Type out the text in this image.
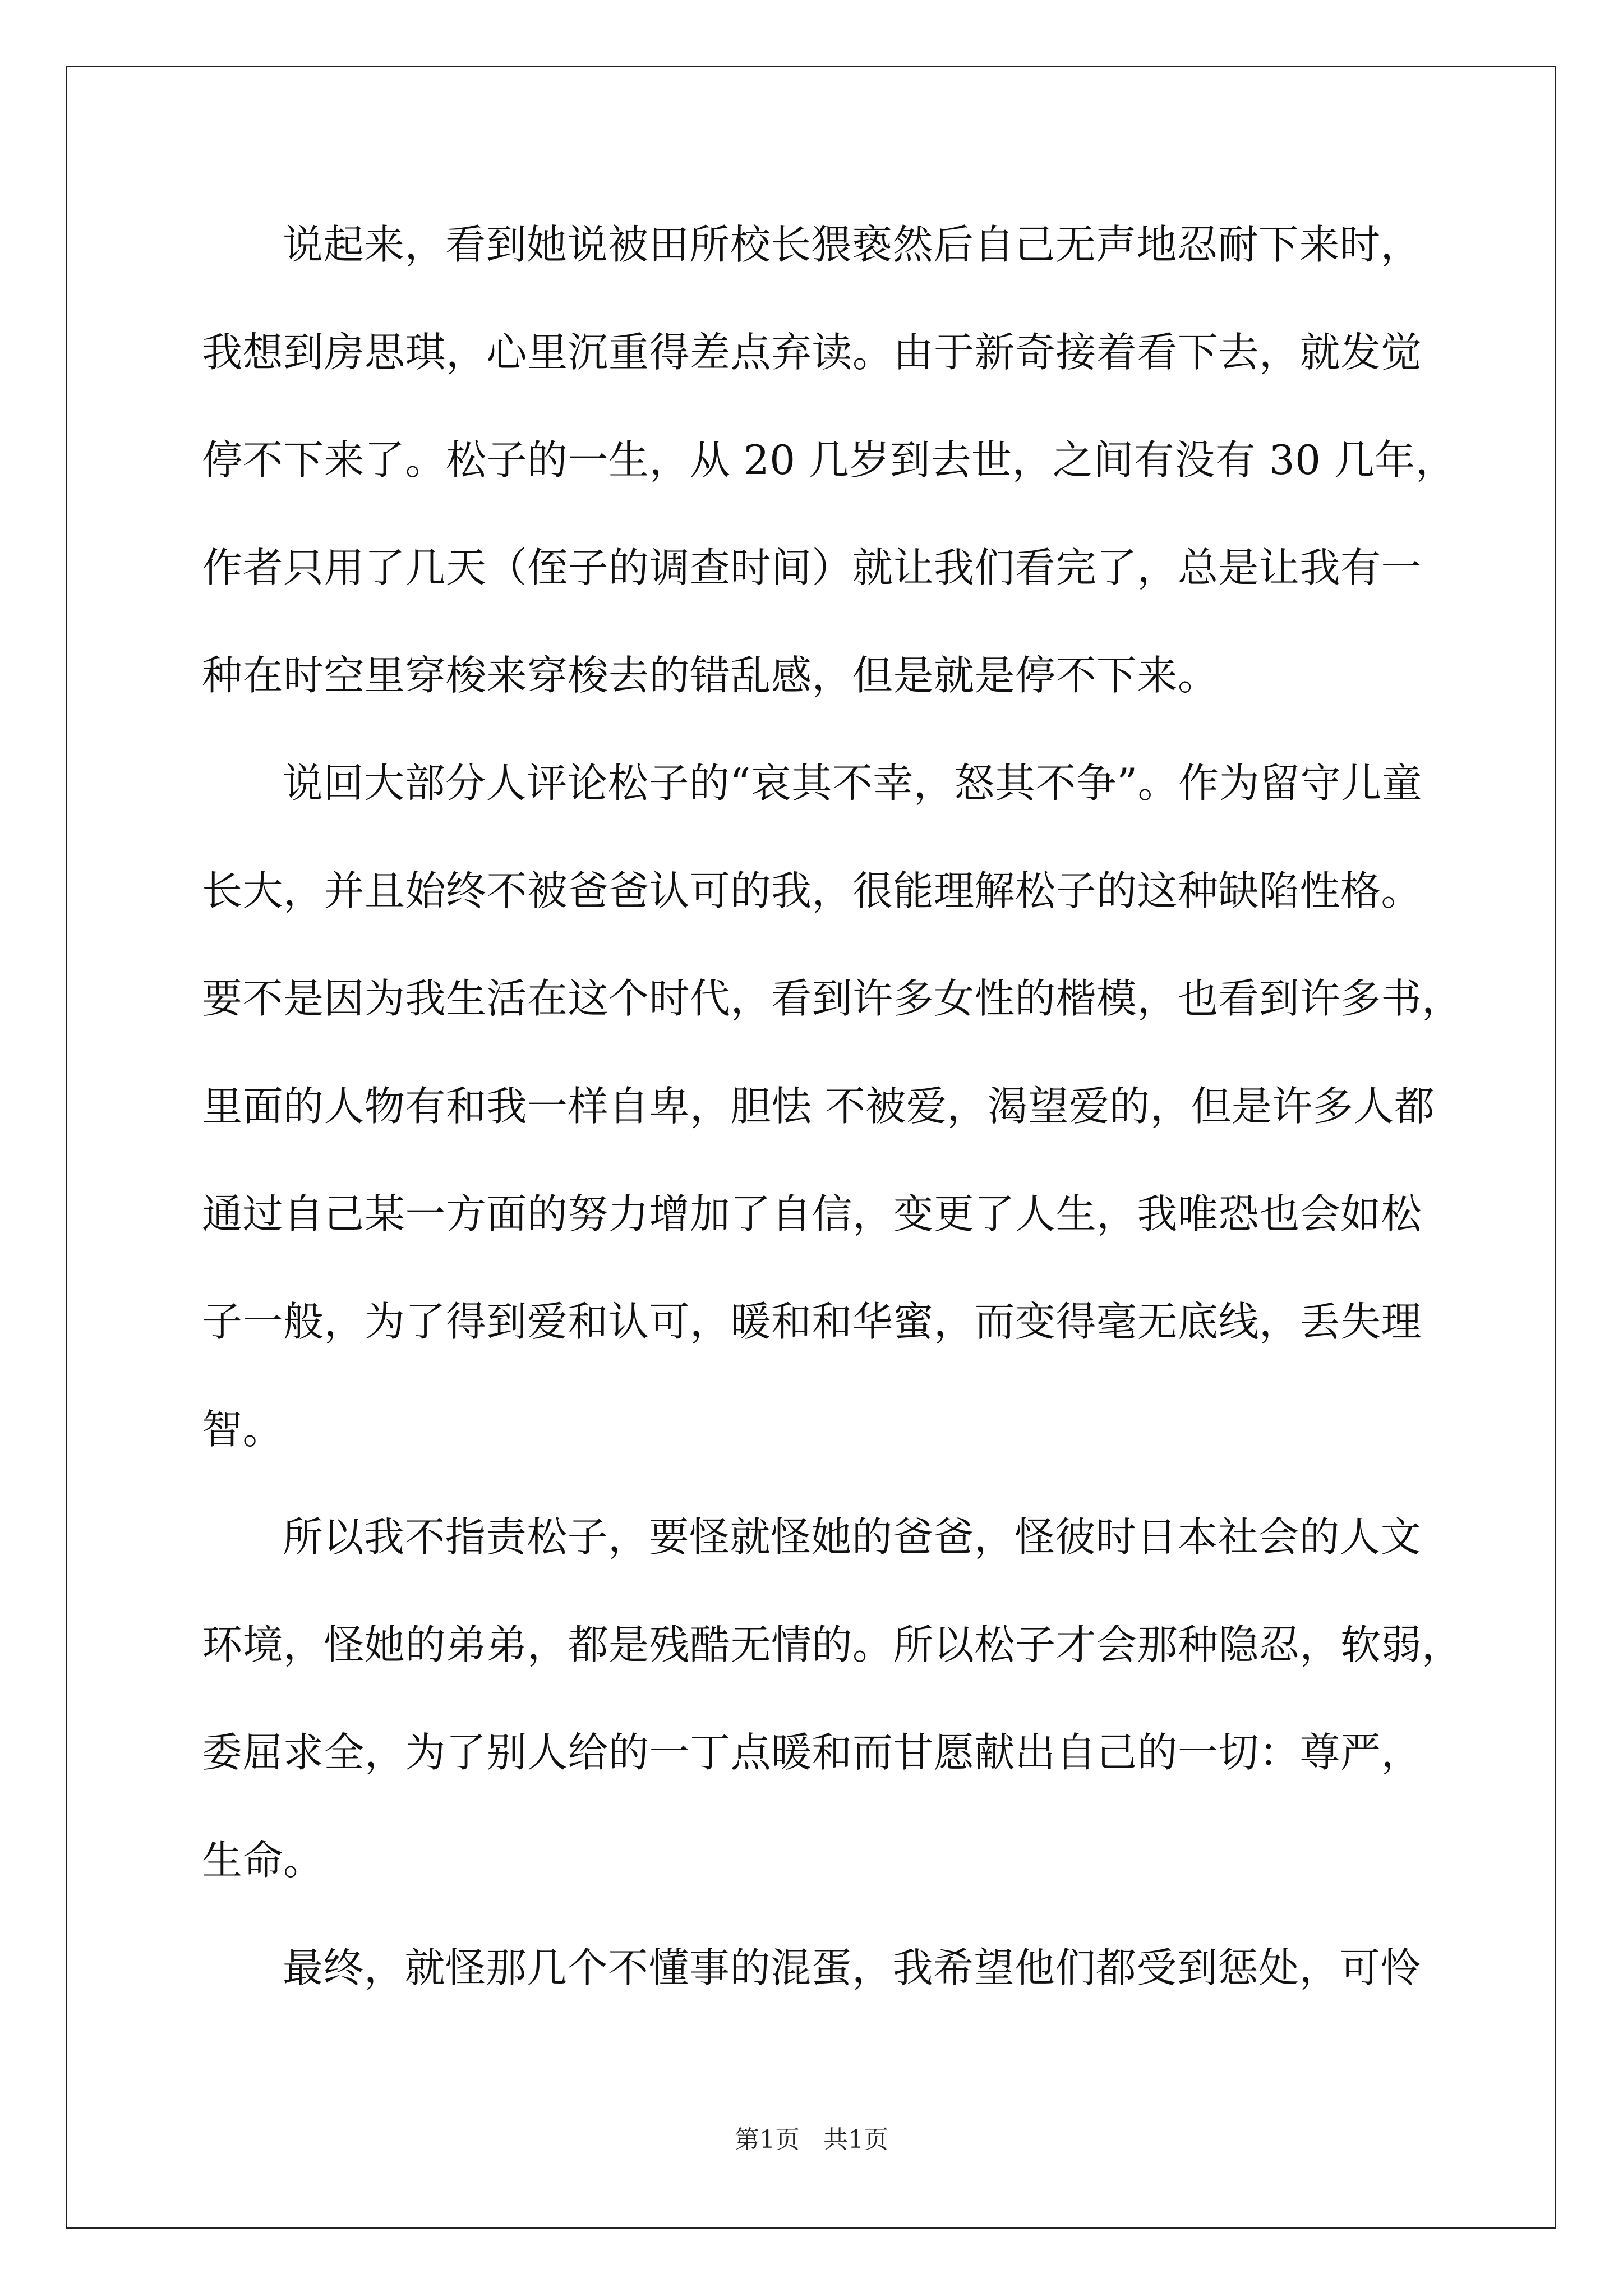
说起来，看到她说被田所校长猥亵然后自己无声地忍耐下来时，
我想到房思琪，心里沉重得差点弃读。由于新奇接着看下去，就发觉
停不下来了。松子的一生，从 20 几岁到去世，之间有没有 30 几年，
作者只用了几天（侄子的调查时间）就让我们看完了，总是让我有一
种在时空里穿梭来穿梭去的错乱感，但是就是停不下来。
说回大部分人评论松子的“哀其不幸，怒其不争”。作为留守儿童
长大，并且始终不被爸爸认可的我，很能理解松子的这种缺陷性格。
要不是因为我生活在这个时代，看到许多女性的楷模，也看到许多书，
里面的人物有和我一样自卑，胆怯 不被爱，渴望爱的，但是许多人都
通过自己某一方面的努力增加了自信，变更了人生，我唯恐也会如松
子一般，为了得到爱和认可，暖和和华蜜，而变得毫无底线，丢失理
智。
所以我不指责松子，要怪就怪她的爸爸，怪彼时日本社会的人文
环境，怪她的弟弟，都是残酷无情的。所以松子才会那种隐忍，软弱，
委屈求全，为了别人给的一丁点暖和而甘愿献出自己的一切：尊严，
生命。
最终，就怪那几个不懂事的混蛋，我希望他们都受到惩处，可怜
第1页 共1页
